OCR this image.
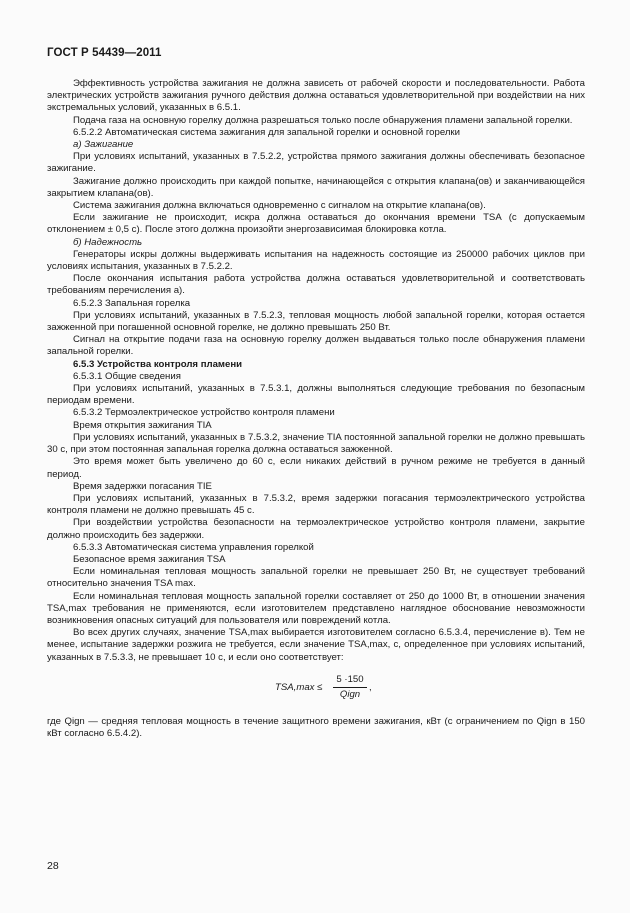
ГОСТ Р 54439—2011

Эффективность устройства зажигания не должна зависеть от рабочей скорости и последовательности. Работа электрических устройств зажигания ручного действия должна оставаться удовлетворительной при воздействии на них экстремальных условий, указанных в 6.5.1.

Подача газа на основную горелку должна разрешаться только после обнаружения пламени запальной горелки.

6.5.2.2 Автоматическая система зажигания для запальной горелки и основной горелки

а) Зажигание

При условиях испытаний, указанных в 7.5.2.2, устройства прямого зажигания должны обеспечивать безопасное зажигание.

Зажигание должно происходить при каждой попытке, начинающейся с открытия клапана(ов) и заканчивающейся закрытием клапана(ов).

Система зажигания должна включаться одновременно с сигналом на открытие клапана(ов).

Если зажигание не происходит, искра должна оставаться до окончания времени TSA (с допускаемым отклонением ± 0,5 с). После этого должна произойти энергозависимая блокировка котла.

б) Надежность

Генераторы искры должны выдерживать испытания на надежность состоящие из 250000 рабочих циклов при условиях испытания, указанных в 7.5.2.2.

После окончания испытания работа устройства должна оставаться удовлетворительной и соответствовать требованиям перечисления а).

6.5.2.3 Запальная горелка

При условиях испытаний, указанных в 7.5.2.3, тепловая мощность любой запальной горелки, которая остается зажженной при погашенной основной горелке, не должно превышать 250 Вт.

Сигнал на открытие подачи газа на основную горелку должен выдаваться только после обнаружения пламени запальной горелки.

6.5.3 Устройства контроля пламени

6.5.3.1 Общие сведения

При условиях испытаний, указанных в 7.5.3.1, должны выполняться следующие требования по безопасным периодам времени.

6.5.3.2 Термоэлектрическое устройство контроля пламени

Время открытия зажигания TIA

При условиях испытаний, указанных в 7.5.3.2, значение TIA постоянной запальной горелки не должно превышать 30 с, при этом постоянная запальная горелка должна оставаться зажженной.

Это время может быть увеличено до 60 с, если никаких действий в ручном режиме не требуется в данный период.

Время задержки погасания TIE

При условиях испытаний, указанных в 7.5.3.2, время задержки погасания термоэлектрического устройства контроля пламени не должно превышать 45 с.

При воздействии устройства безопасности на термоэлектрическое устройство контроля пламени, закрытие должно происходить без задержки.

6.5.3.3 Автоматическая система управления горелкой

Безопасное время зажигания TSA

Если номинальная тепловая мощность запальной горелки не превышает 250 Вт, не существует требований относительно значения TSA max.

Если номинальная тепловая мощность запальной горелки составляет от 250 до 1000 Вт, в отношении значения TSA,max требования не применяются, если изготовителем представлено наглядное обоснование невозможности возникновения опасных ситуаций для пользователя или повреждений котла.

Во всех других случаях, значение TSA,max выбирается изготовителем согласно 6.5.3.4, перечисление в). Тем не менее, испытание задержки розжига не требуется, если значение TSA,max, с, определенное при условиях испытаний, указанных в 7.5.3.3, не превышает 10 с, и если оно соответствует:

TSA,max ≤
5 ·150
Qign
,

где Qign — средняя тепловая мощность в течение защитного времени зажигания, кВт (с ограничением по Qign в 150 кВт согласно 6.5.4.2).

28
